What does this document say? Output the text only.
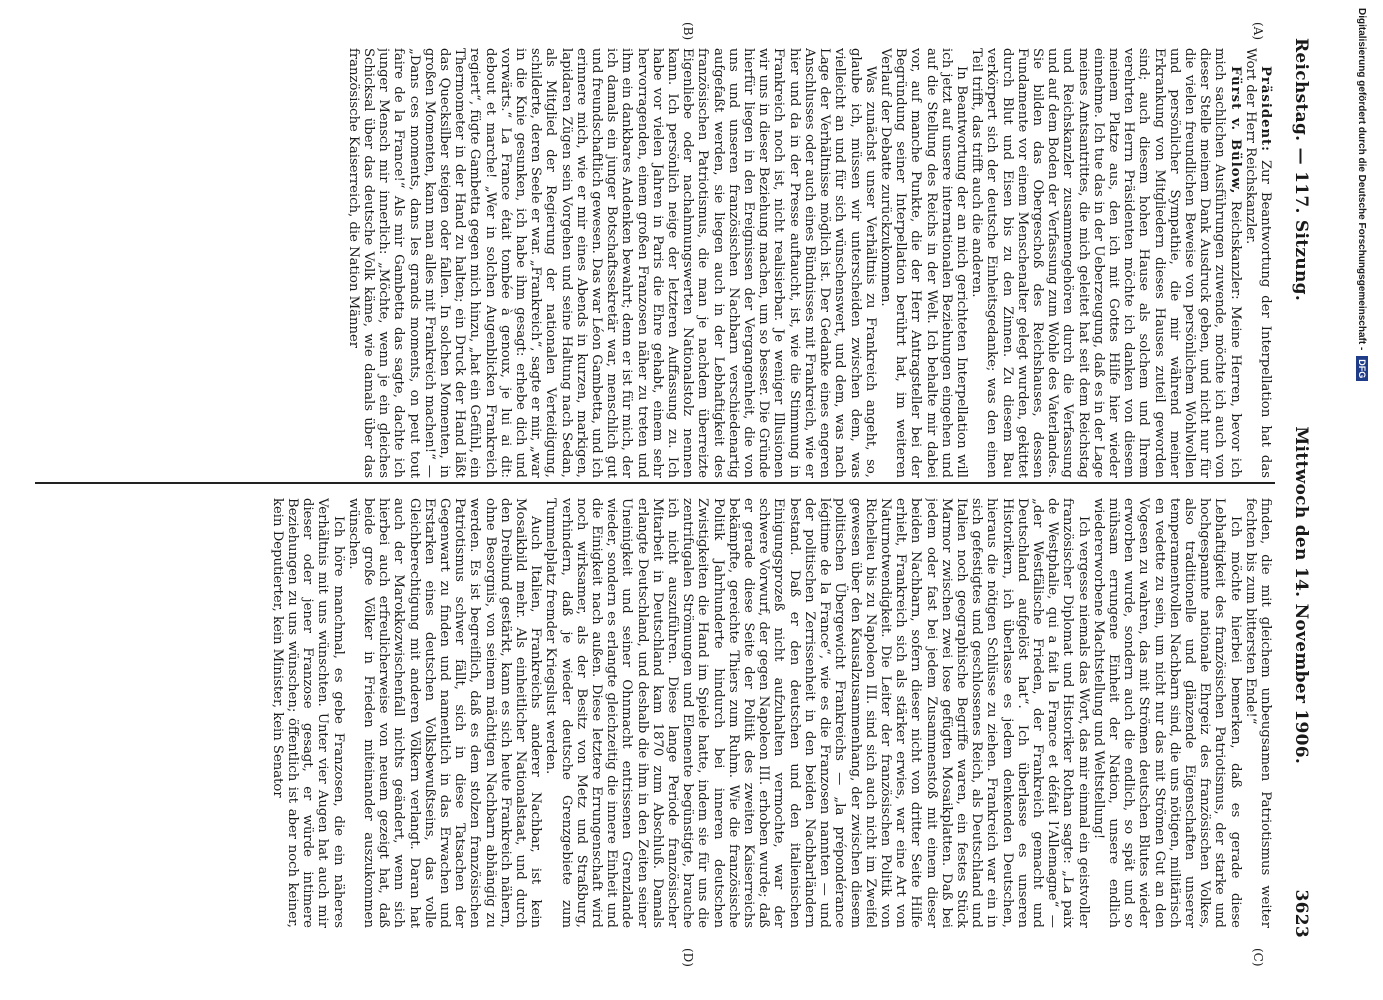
Reichstag. — 117. Sitzung.
Mittwoch den 14. November 1906.
3623
(A)
(B)
(C)
(D)

Präsident: Zur Beantwortung der Interpellation hat das Wort der Herr Reichskanzler.

Fürst v. Bülow, Reichskanzler: Meine Herren, bevor ich mich sachlichen Ausführungen zuwende, möchte ich auch von dieser Stelle meinem Dank Ausdruck geben, und nicht nur für die vielen freundlichen Beweise von persönlichem Wohlwollen und persönlicher Sympathie, die mir während meiner Erkrankung von Mitgliedern dieses Hauses zuteil geworden sind; auch diesem hohen Hause als solchem und Ihrem verehrten Herrn Präsidenten möchte ich danken von diesem meinem Platze aus, den ich mit Gottes Hilfe hier wieder einnehme. Ich tue das in der Ueberzeugung, daß es in der Lage meines Amtsantrittes, die mich geleitet hat seit dem Reichstag und Reichskanzler zusammengehören durch die Verfassung und auf dem Boden der Verfassung zum Wohle des Vaterlandes. Sie bilden das Obergeschoß des Reichshauses, dessen Fundamente vor einem Menschenalter gelegt wurden, gekittet durch Blut und Eisen bis zu den Zinnen. Zu diesem Bau verkörpert sich der deutsche Einheitsgedanke; was den einen Teil trifft, das trifft auch die anderen.

In Beantwortung der an mich gerichteten Interpellation will ich jetzt auf unsere internationalen Beziehungen eingehen und auf die Stellung des Reichs in der Welt. Ich behalte mir dabei vor, auf manche Punkte, die der Herr Antragsteller bei der Begründung seiner Interpellation berührt hat, im weiteren Verlauf der Debatte zurückzukommen.

Was zunächst unser Verhältnis zu Frankreich angeht, so, glaube ich, müssen wir unterscheiden zwischen dem, was vielleicht an und für sich wünschenswert, und dem, was nach Lage der Verhältnisse möglich ist. Der Gedanke eines engeren Anschlusses oder auch eines Bündnisses mit Frankreich, wie er hier und da in der Presse auftaucht, ist, wie die Stimmung in Frankreich noch ist, nicht realisierbar. Je weniger Illusionen wir uns in dieser Beziehung machen, um so besser. Die Gründe hierfür liegen in den Ereignissen der Vergangenheit, die von uns und unseren französischen Nachbarn verschiedenartig aufgefaßt werden, sie liegen auch in der Lebhaftigkeit des französischen Patriotismus, die man je nachdem überreizte Eigenliebe oder nachahmungswerten Nationalstolz nennen kann. Ich persönlich neige der letzteren Auffassung zu. Ich habe vor vielen Jahren in Paris die Ehre gehabt, einem sehr hervorragenden, einem großen Franzosen näher zu treten und ihm ein dankbares Andenken bewahrt; denn er ist für mich, der ich damals ein junger Botschaftssekretär war, menschlich gut und freundschaftlich gewesen. Das war Léon Gambetta, und ich erinnere mich, wie er mir eines Abends in kurzen, markigen, lapidaren Zügen sein Vorgehen und seine Haltung nach Sedan, als Mitglied der Regierung der nationalen Verteidigung, schilderte, deren Seele er war. „Frankreich“, sagte er mir, „war in die Knie gesunken, ich habe ihm gesagt: erhebe dich und vorwärts.“ La France était tombée à genoux, je lui ai dit: debout et marche! „Wer in solchen Augenblicken Frankreich regiert“, fügte Gambetta gegen mich hinzu, „hat ein Gefühl, ein Thermometer in der Hand zu halten; ein Druck der Hand läßt das Quecksilber steigen oder fallen. In solchen Momenten, in großen Momenten, kann man alles mit Frankreich machen!“ — „Dans ces moments, dans les grands moments, on peut tout faire de la France!“ Als mir Gambetta das sagte, dachte ich junger Mensch mir innerlich: „Möchte, wenn je ein gleiches Schicksal über das deutsche Volk käme, wie damals über das französische Kaiserreich, die Nation Männer

finden, die mit gleichem unbeugsamen Patriotismus weiter fechten bis zum bittersten Ende!“

Ich möchte hierbei bemerken, daß es gerade diese Lebhaftigkeit des französischen Patriotismus, der starke und hochgespannte nationale Ehrgeiz des französischen Volkes, also traditionelle und glänzende Eigenschaften unserer temperamentvollen Nachbarn sind, die uns nötigen, militärisch en vedette zu sein, um nicht nur das mit Strömen Gut an den Vogesen zu wahren, das mit Strömen deutschen Blutes wieder erworben wurde, sondern auch die endlich, so spät und so mühsam errungene Einheit der Nation, unsere endlich wiedererworbene Machtstellung und Weltstellung!

Ich vergesse niemals das Wort, das mir einmal ein geistvoller französischer Diplomat und Historiker Rothan sagte: „La paix de Westphalie, qui a fait la France et défait l’Allemagne“ — „der Westfälische Frieden, der Frankreich gemacht und Deutschland aufgelöst hat“. Ich überlasse es unseren Historikern, ich überlasse es jedem denkenden Deutschen, hieraus die nötigen Schlüsse zu ziehen. Frankreich war ein in sich gefestigtes und geschlossenes Reich, als Deutschland und Italien noch geographische Begriffe waren, ein festes Stück Marmor zwischen zwei lose gefügten Mosaikplatten. Daß bei jedem oder fast bei jedem Zusammenstoß mit einem dieser beiden Nachbarn, sofern dieser nicht von dritter Seite Hilfe erhielt, Frankreich sich als stärker erwies, war eine Art von Naturnotwendigkeit. Die Leiter der französischen Politik von Richelieu bis zu Napoleon III. sind sich auch nicht im Zweifel gewesen über den Kausalzusammenhang, der zwischen diesem politischen Übergewicht Frankreichs — „la prépondérance légitime de la France“, wie es die Franzosen nannten — und der politischen Zerrissenheit in den beiden Nachbarländern bestand. Daß er den deutschen und den italienischen Einigungsprozeß nicht aufzuhalten vermochte, war der schwere Vorwurf, der gegen Napoleon III. erhoben wurde; daß er gerade diese Seite der Politik des zweiten Kaiserreichs bekämpfte, gereichte Thiers zum Ruhm. Wie die französische Politik Jahrhunderte hindurch bei inneren deutschen Zwistigkeiten die Hand im Spiele hatte, indem sie für uns die zentrifugalen Strömungen und Elemente begünstigte, brauche ich nicht auszuführen. Diese lange Periode französischer Mitarbeit in Deutschland kam 1870 zum Abschluß. Damals erlangte Deutschland, und deshalb die ihm in den Zeiten seiner Uneinigkeit und seiner Ohnmacht entrissenen Grenzlande wieder, sondern es erlangte gleichzeitig die innere Einheit und die Einigkeit nach außen. Diese letztere Errungenschaft wird noch wirksamer, als der Besitz von Metz und Straßburg, verhindern, daß je wieder deutsche Grenzgebiete zum Tummelplatz fremder Kriegslust werden.

Auch Italien, Frankreichs anderer Nachbar, ist kein Mosaikbild mehr. Als einheitlicher Nationalstaat, und durch den Dreibund gestärkt, kann es sich heute Frankreich nähern, ohne Besorgnis, von seinem mächtigen Nachbarn abhängig zu werden. Es ist begreiflich, daß es dem stolzen französischen Patriotismus schwer fällt, sich in diese Tatsachen der Gegenwart zu finden und namentlich in das Erwachen und Erstarken eines deutschen Volksbewußtseins, das volle Gleichberechtigung mit anderen Völkern verlangt. Daran hat auch der Marokkozwischenfall nichts geändert, wenn sich hierbei auch erfreulicherweise von neuem gezeigt hat, daß beide große Völker in Frieden miteinander auszukommen wünschen.

Ich höre manchmal, es gebe Franzosen, die ein näheres Verhältnis mit uns wünschten. Unter vier Augen hat auch mir dieser oder jener Franzose gesagt, er würde intimere Beziehungen zu uns wünschen; öffentlich ist aber noch keiner, kein Deputierter, kein Minister, kein Senator

Digitalisierung gefördert durch die Deutsche Forschungsgemeinschaft -
DFG
